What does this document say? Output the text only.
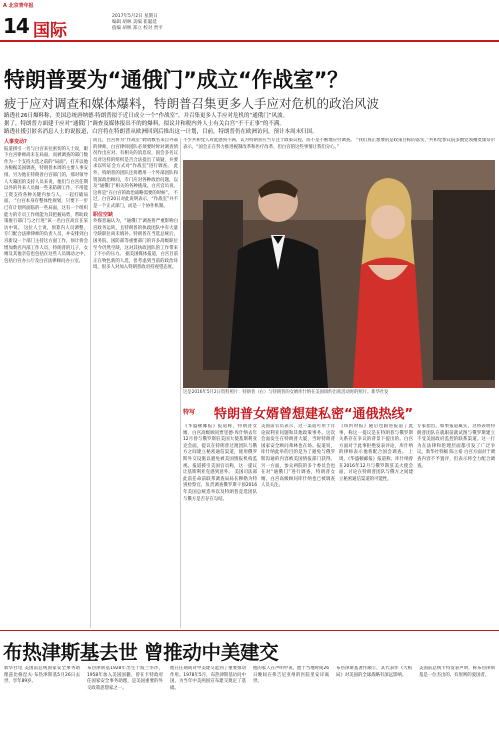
A 北京青年报
14 国际
2017年5月2日 星期日
编辑 胡林 美编 崔聪延
值编 胡林 郑立 校对 贾平
特朗普要为“通俄门”成立“作战室”？
疲于应对调查和媒体爆料，特朗普召集更多人手应对危机的政治风波
路透社26日爆料称，美国总统唐纳德·特朗普拟于近日成立一个“作战室”，并召集更多人手应对危机的“通俄门”风波。
据了，特朗普方面建于应对“通俄门”调查及媒体报出不的的爆料，拟议并和税内外人士有关白宫“不干正事”的不满。
路透社援引匿名消息人士的说报道，白宫将在特朗普从欧洲回到后推出这一计划，目前，特朗普仍在欧洲访问，预计本周末归国。
人事变动?
报道援引一名与白宫来往密切的人士说，眼下白宫律师尚未在局面，而被调查的部门数作为一个支持大选之前的“局面”，打开以他为根据美国调查，特朗普本周的主要人事安排，另为他在特朗普白宫部门的，那对领导人大幕团的支持人员来说，他们与白宫任期以外的外来人员做一些来防御工作，不用能工资支持各种关键内参与人，一起打破局面。 “白宫本身有整体性规划，只要下一步已有计划所面临的一些局面，这有一个组织能力的专员工作组能为其把握局势，帮助政策推行部门与之行进”该一名白宫高官在采访中说。 这位人士说，预算内人员调整，专门配合法律律师的负责人员，并安排到白宫新设一个部门主持这方面工作，预计将会增加数名内部工作人员，特朗普的儿子，女婿及其他亲信也包括在这些人员调动之中，包括白宫办公厅及白宫法律顾问办公室。
而且，白宫将为“作战室”聘请数名来自外部的律师，白宫律师团队必须要时时对调查情况作出应对。有相关的消息说，国会多名议员对这样的组织是否合法提出了质疑，并要求以听证会方式对“作战室”进行调查。 此外，特朗普的团队还将聘用一个外部团队和资深政治顾问，专门应对各种政治问题，以及“通俄门”相关的各种挑战。白宫官员说，这将是“在白宫的政治战略需要的时候”。 不过，白宫20日对此说明表示，“作战室”并不是一个正式部门，而是一个协作机制。
职位空缺
外媒普遍认为，“通俄门”调查将严重影响白宫政务运转，且特朗普的执政团队中有大量空缺职位尚未填补。特朗普在当选总统后，国务院、国防部等重要部门的许多高级职位至今仍然空缺，这对其执政团队的工作带来了不小的压力。 据美国媒体报道，白宫目前正在物色新的人选，但考虑到当前的政治环境，很多人对加入特朗普政府持观望态度。
不少共和党人对此感到不满，认为特朗普应当专注于政策议程，而不是不断地应付调查。 “我们真正想要的是政策目标的落实，”共和党参议院多数党领袖麦康奈尔表示，“国会正在努力推进税制改革和医疗改革，但白宫的这些事情让我们分心。”
这是2016年5月2日资料照片：特朗普（右）与特朗普的女婿库什纳在美国纽约出席活动时的照片。新华社发
特写 特朗普女婿曾想建私密“通俄热线”
《华盛顿邮报》报道称，特朗普女婿、白宫高级顾问贾里德·库什纳去年12月曾与俄罗斯驻美国大使基斯利亚克会面，提议在特朗普过渡团队与俄方之间建立秘密通信渠道，使用俄罗斯外交设施以避免被美国情报机构监视。报道援引美国官员称，这一提议让基斯利亚克感到意外。 美国司法部此前任命前联邦调查局局长穆勒为特别检察官，负责调查俄罗斯干预2016年美国总统选举以及特朗普竞选团队与俄方是否存在勾结。
美国前官员表示，这一渠道可用于讨论叙利亚问题和其他政策事务。这次会面发生在特朗普大厦，当时特朗普国家安全顾问弗林也在场。报道说，库什纳此举的目的是为了避免与俄罗斯沟通的内容被美国情报部门获得。 另一方面，参众两院的多个委员会也在对“通俄门”进行调查，特朗普女婿、白宫高级顾问库什纳也已被调查人员关注。
《纽约时报》随后也跟进报道了此事，称这一提议是在特朗普与俄罗斯关系存在争议的背景下提出的。白宫方面对于此事拒绝发表评论，库什纳的律师表示他将配合国会调查。 上周，《华盛顿邮报》报道称，库什纳曾在2016年12月与俄罗斯驻美大使会面，讨论在特朗普团队与俄方之间建立秘密通信渠道的可能性。
专家指出，如果报道属实，这将表明特朗普团队在就职前就试图与俄罗斯建立不受美国政府监控的联系渠道。这一行为在法律和伦理层面都引发了广泛争议。新华社特稿 陈立希 白宫方面对于调查内容不予置评，但表示将全力配合调查。
布热津斯基去世 曾推动中美建交
新华社电 美国前总统国家安全事务助理兹比格涅夫·布热津斯基5月26日去世，享年89岁。
布热津斯基1928年出生于波兰华沙，1958年加入美国国籍，曾在卡特政府任国家安全事务助理，是美国重要的外交政策思想家之一。
他在任期间对中美建交起到了重要推动作用。1978年5月，布热津斯基访问中国，为当年中美两国宣布建交奠定了基础。
他的家人在声明中说，他于当地时间26日晚间在弗吉尼亚州的医院里安详离世。
布热津斯基著作颇丰，其代表作《大棋局》对美国的全球战略有深远影响。
美国前总统卡特发表声明，称布热津斯基是一位杰出的、有原则的爱国者。
